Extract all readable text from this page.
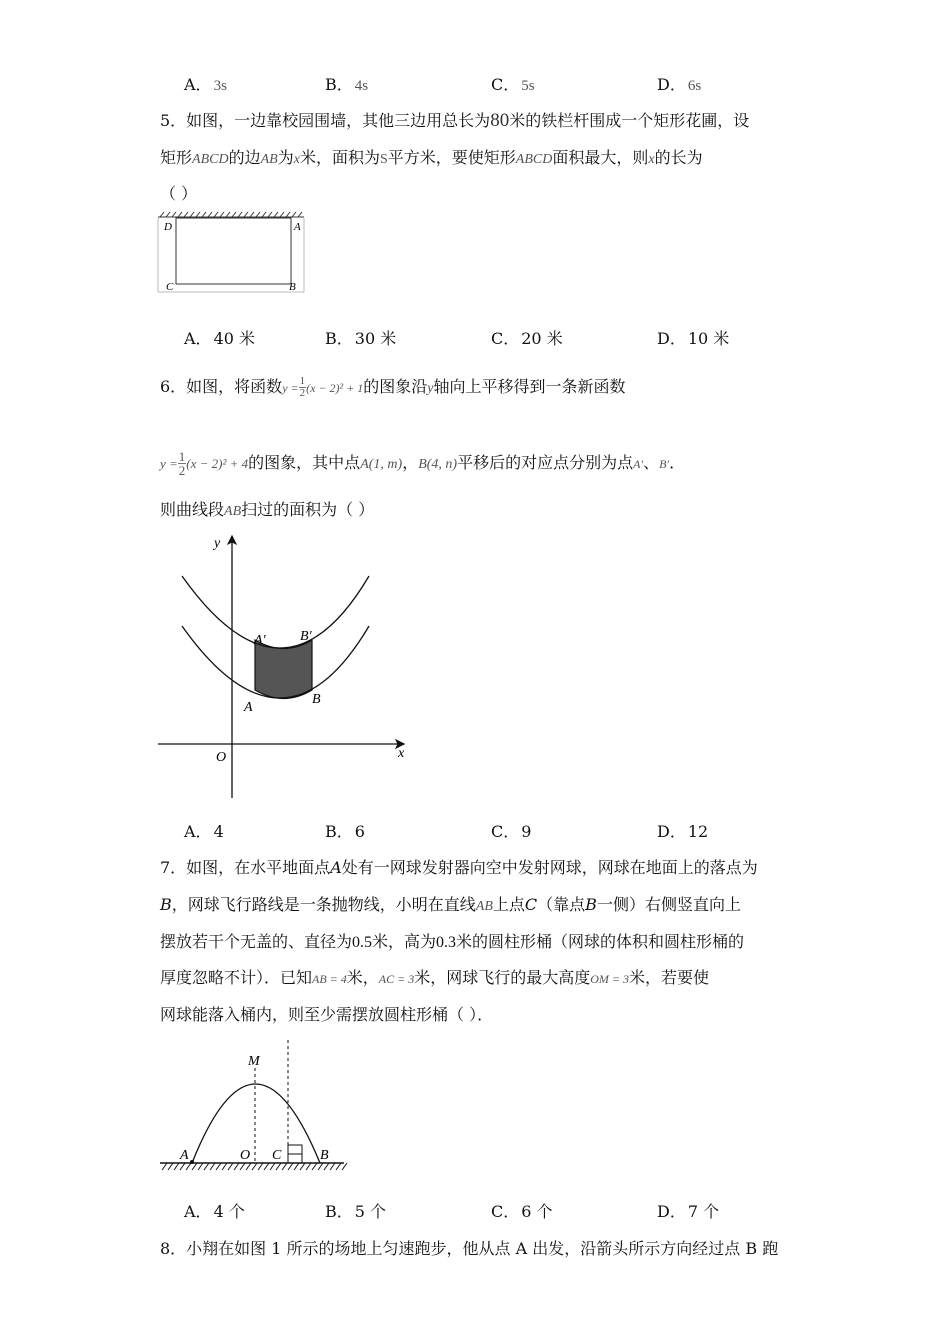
A． 3s	B． 4s	C． 5s	D． 6s
5．如图，一边靠校园围墙，其他三边用总长为80米的铁栏杆围成一个矩形花圃，设
矩形ABCD的边AB为x米，面积为S平方米，要使矩形ABCD面积最大，则x的长为
（ ）
D	A
C	B
A． 40 米	B． 30 米	C． 20 米	D． 10 米
6．如图，将函数$y = \frac{1}{2} (x - 2)^2 + 1$的图象沿y轴向上平移得到一条新函数
$y = \frac{1}{2} (x - 2)^2 + 4$的图象，其中点A(1, m)，B(4, n)平移后的对应点分别为点A′、B′．
则曲线段AB扫过的面积为（ ）
y
x
O
A
B
A′ B′
A． 4	B． 6	C． 9	D． 12
7．如图，在水平地面点A处有一网球发射器向空中发射网球，网球在地面上的落点为
B，网球飞行路线是一条抛物线，小明在直线AB上点C（靠点B一侧）右侧竖直向上
摆放若干个无盖的、直径为0.5米，高为0.3米的圆柱形桶（网球的体积和圆柱形桶的
厚度忽略不计）．已知AB = 4米，AC = 3米，网球飞行的最大高度OM = 3米，若要使
网球能落入桶内，则至少需摆放圆柱形桶（ ）．
M
A	O C	B
A． 4 个	B． 5 个	C． 6 个	D． 7 个
8．小翔在如图 1 所示的场地上匀速跑步，他从点 A 出发，沿箭头所示方向经过点 B 跑
